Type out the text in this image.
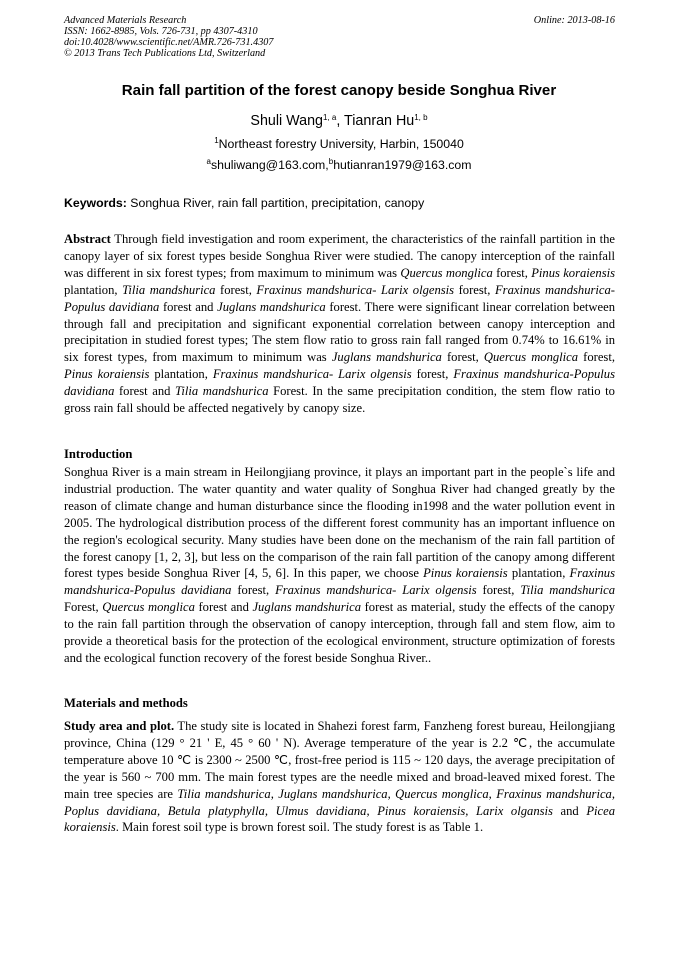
Advanced Materials Research
ISSN: 1662-8985, Vols. 726-731, pp 4307-4310
doi:10.4028/www.scientific.net/AMR.726-731.4307
© 2013 Trans Tech Publications Ltd, Switzerland
Online: 2013-08-16
Rain fall partition of the forest canopy beside Songhua River
Shuli Wang$^{1, a}$, Tianran Hu$^{1, b}$
$^1$Northeast forestry University, Harbin, 150040
$^a$shuliwang@163.com,$^b$hutianran1979@163.com
Keywords: Songhua River, rain fall partition, precipitation, canopy
Abstract Through field investigation and room experiment, the characteristics of the rainfall partition in the canopy layer of six forest types beside Songhua River were studied. The canopy interception of the rainfall was different in six forest types; from maximum to minimum was Quercus monglica forest, Pinus koraiensis plantation, Tilia mandshurica forest, Fraxinus mandshurica- Larix olgensis forest, Fraxinus mandshurica-Populus davidiana forest and Juglans mandshurica forest. There were significant linear correlation between through fall and precipitation and significant exponential correlation between canopy interception and precipitation in studied forest types; The stem flow ratio to gross rain fall ranged from 0.74% to 16.61% in six forest types, from maximum to minimum was Juglans mandshurica forest, Quercus monglica forest, Pinus koraiensis plantation, Fraxinus mandshurica- Larix olgensis forest, Fraxinus mandshurica-Populus davidiana forest and Tilia mandshurica Forest. In the same precipitation condition, the stem flow ratio to gross rain fall should be affected negatively by canopy size.
Introduction
Songhua River is a main stream in Heilongjiang province, it plays an important part in the people`s life and industrial production. The water quantity and water quality of Songhua River had changed greatly by the reason of climate change and human disturbance since the flooding in1998 and the water pollution event in 2005. The hydrological distribution process of the different forest community has an important influence on the region's ecological security. Many studies have been done on the mechanism of the rain fall partition of the forest canopy [1, 2, 3], but less on the comparison of the rain fall partition of the canopy among different forest types beside Songhua River [4, 5, 6]. In this paper, we choose Pinus koraiensis plantation, Fraxinus mandshurica-Populus davidiana forest, Fraxinus mandshurica- Larix olgensis forest, Tilia mandshurica Forest, Quercus monglica forest and Juglans mandshurica forest as material, study the effects of the canopy to the rain fall partition through the observation of canopy interception, through fall and stem flow, aim to provide a theoretical basis for the protection of the ecological environment, structure optimization of forests and the ecological function recovery of the forest beside Songhua River..
Materials and methods
Study area and plot. The study site is located in Shahezi forest farm, Fanzheng forest bureau, Heilongjiang province, China (129 ° 21 ' E, 45 ° 60 ' N). Average temperature of the year is 2.2 ℃, the accumulate temperature above 10 ℃ is 2300 ~ 2500 ℃, frost-free period is 115 ~ 120 days, the average precipitation of the year is 560 ~ 700 mm. The main forest types are the needle mixed and broad-leaved mixed forest. The main tree species are Tilia mandshurica, Juglans mandshurica, Quercus monglica, Fraxinus mandshurica, Poplus davidiana, Betula platyphylla, Ulmus davidiana, Pinus koraiensis, Larix olgansis and Picea koraiensis. Main forest soil type is brown forest soil. The study forest is as Table 1.
